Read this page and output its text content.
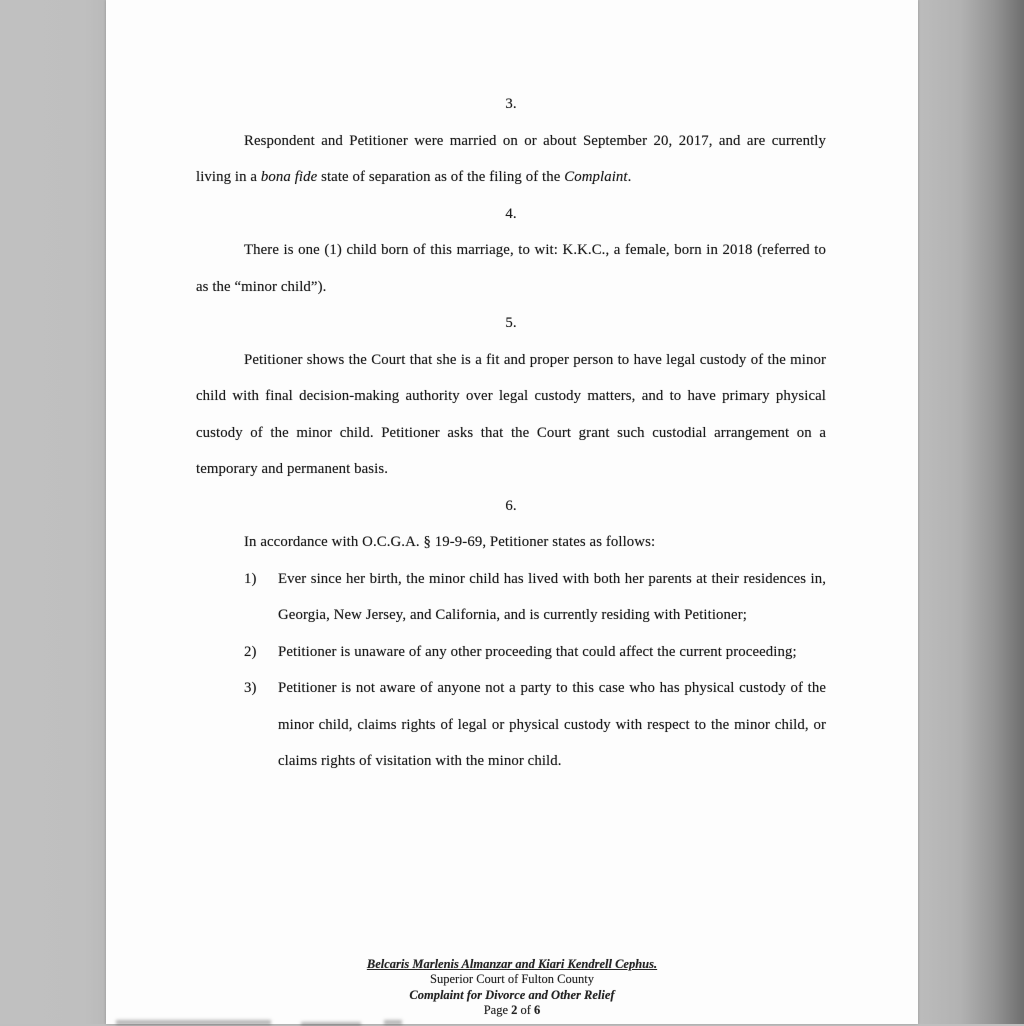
3.

Respondent and Petitioner were married on or about September 20, 2017, and are currently living in a bona fide state of separation as of the filing of the Complaint.

4.

There is one (1) child born of this marriage, to wit: K.K.C., a female, born in 2018 (referred to as the “minor child”).

5.

Petitioner shows the Court that she is a fit and proper person to have legal custody of the minor child with final decision-making authority over legal custody matters, and to have primary physical custody of the minor child. Petitioner asks that the Court grant such custodial arrangement on a temporary and permanent basis.

6.

In accordance with O.C.G.A. § 19-9-69, Petitioner states as follows:

1) Ever since her birth, the minor child has lived with both her parents at their residences in, Georgia, New Jersey, and California, and is currently residing with Petitioner;
2) Petitioner is unaware of any other proceeding that could affect the current proceeding;
3) Petitioner is not aware of anyone not a party to this case who has physical custody of the minor child, claims rights of legal or physical custody with respect to the minor child, or claims rights of visitation with the minor child.
Belcaris Marlenis Almanzar and Kiari Kendrell Cephus.
Superior Court of Fulton County
Complaint for Divorce and Other Relief
Page 2 of 6
